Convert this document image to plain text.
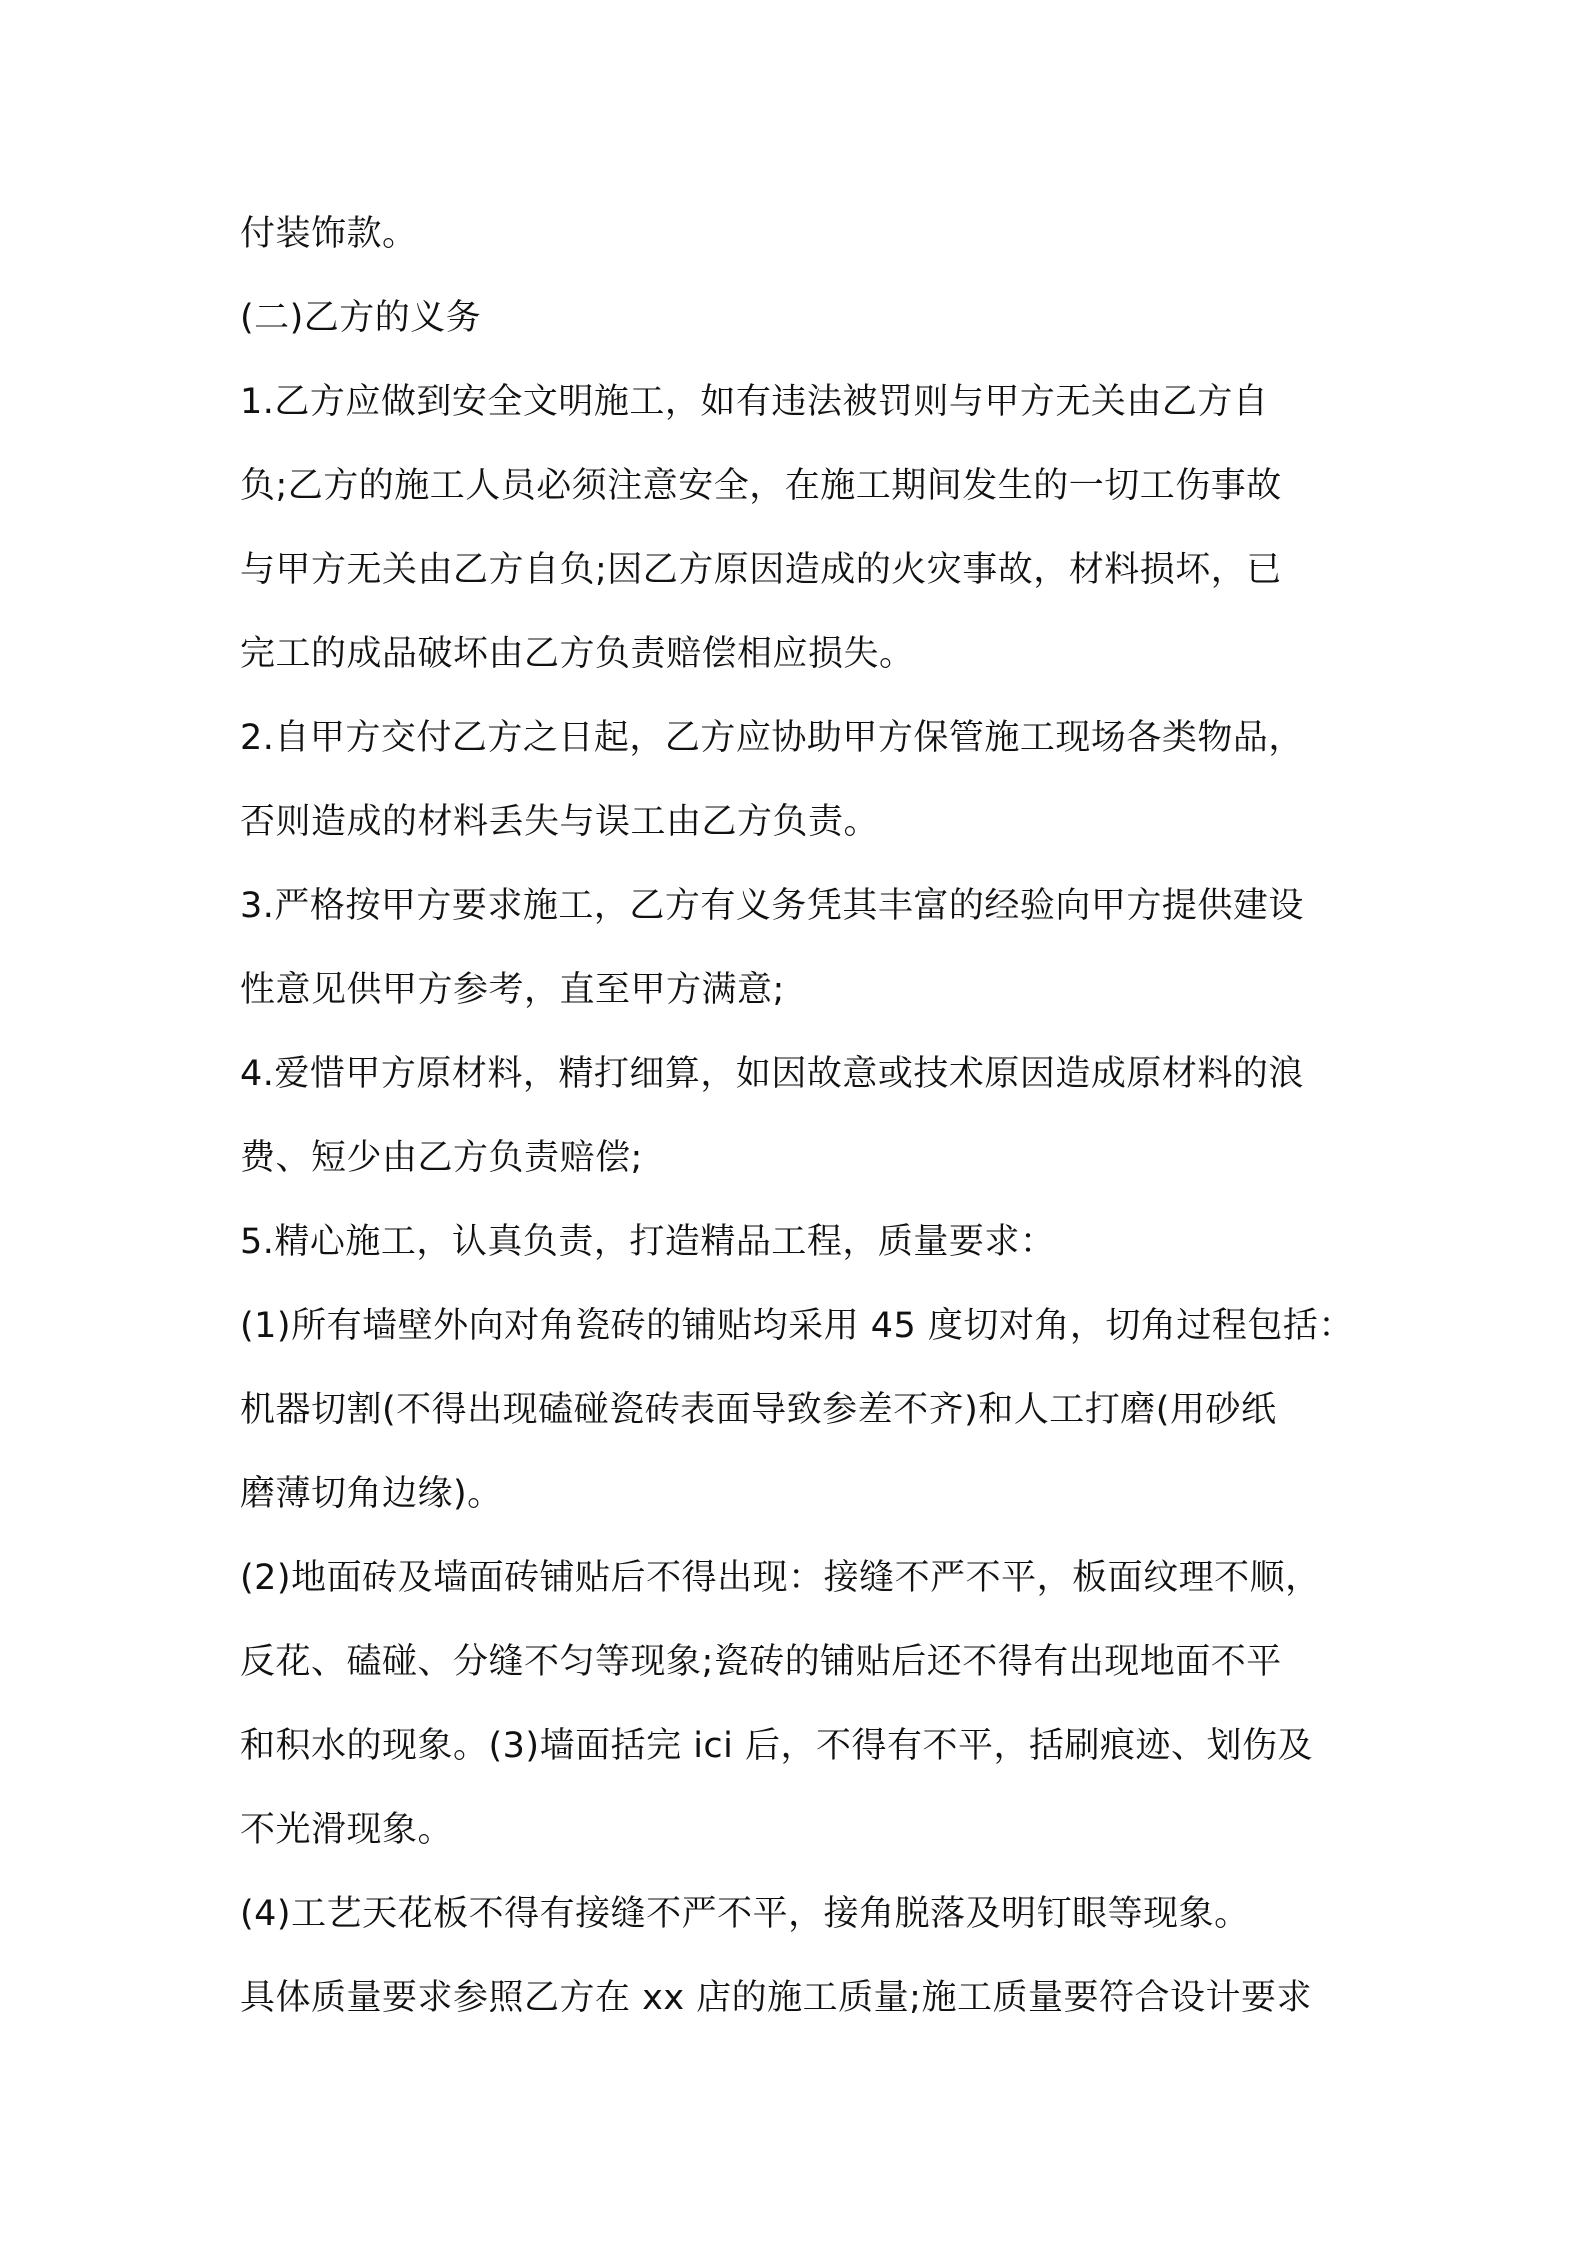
付装饰款。
(二)乙方的义务
1.乙方应做到安全文明施工，如有违法被罚则与甲方无关由乙方自
负;乙方的施工人员必须注意安全，在施工期间发生的一切工伤事故
与甲方无关由乙方自负;因乙方原因造成的火灾事故，材料损坏，已
完工的成品破坏由乙方负责赔偿相应损失。
2.自甲方交付乙方之日起，乙方应协助甲方保管施工现场各类物品，
否则造成的材料丢失与误工由乙方负责。
3.严格按甲方要求施工，乙方有义务凭其丰富的经验向甲方提供建设
性意见供甲方参考，直至甲方满意;
4.爱惜甲方原材料，精打细算，如因故意或技术原因造成原材料的浪
费、短少由乙方负责赔偿;
5.精心施工，认真负责，打造精品工程，质量要求：
(1)所有墙壁外向对角瓷砖的铺贴均采用 45 度切对角，切角过程包括：
机器切割(不得出现磕碰瓷砖表面导致参差不齐)和人工打磨(用砂纸
磨薄切角边缘)。
(2)地面砖及墙面砖铺贴后不得出现：接缝不严不平，板面纹理不顺，
反花、磕碰、分缝不匀等现象;瓷砖的铺贴后还不得有出现地面不平
和积水的现象。(3)墙面括完 ici 后，不得有不平，括刷痕迹、划伤及
不光滑现象。
(4)工艺天花板不得有接缝不严不平，接角脱落及明钉眼等现象。
具体质量要求参照乙方在 xx 店的施工质量;施工质量要符合设计要求
